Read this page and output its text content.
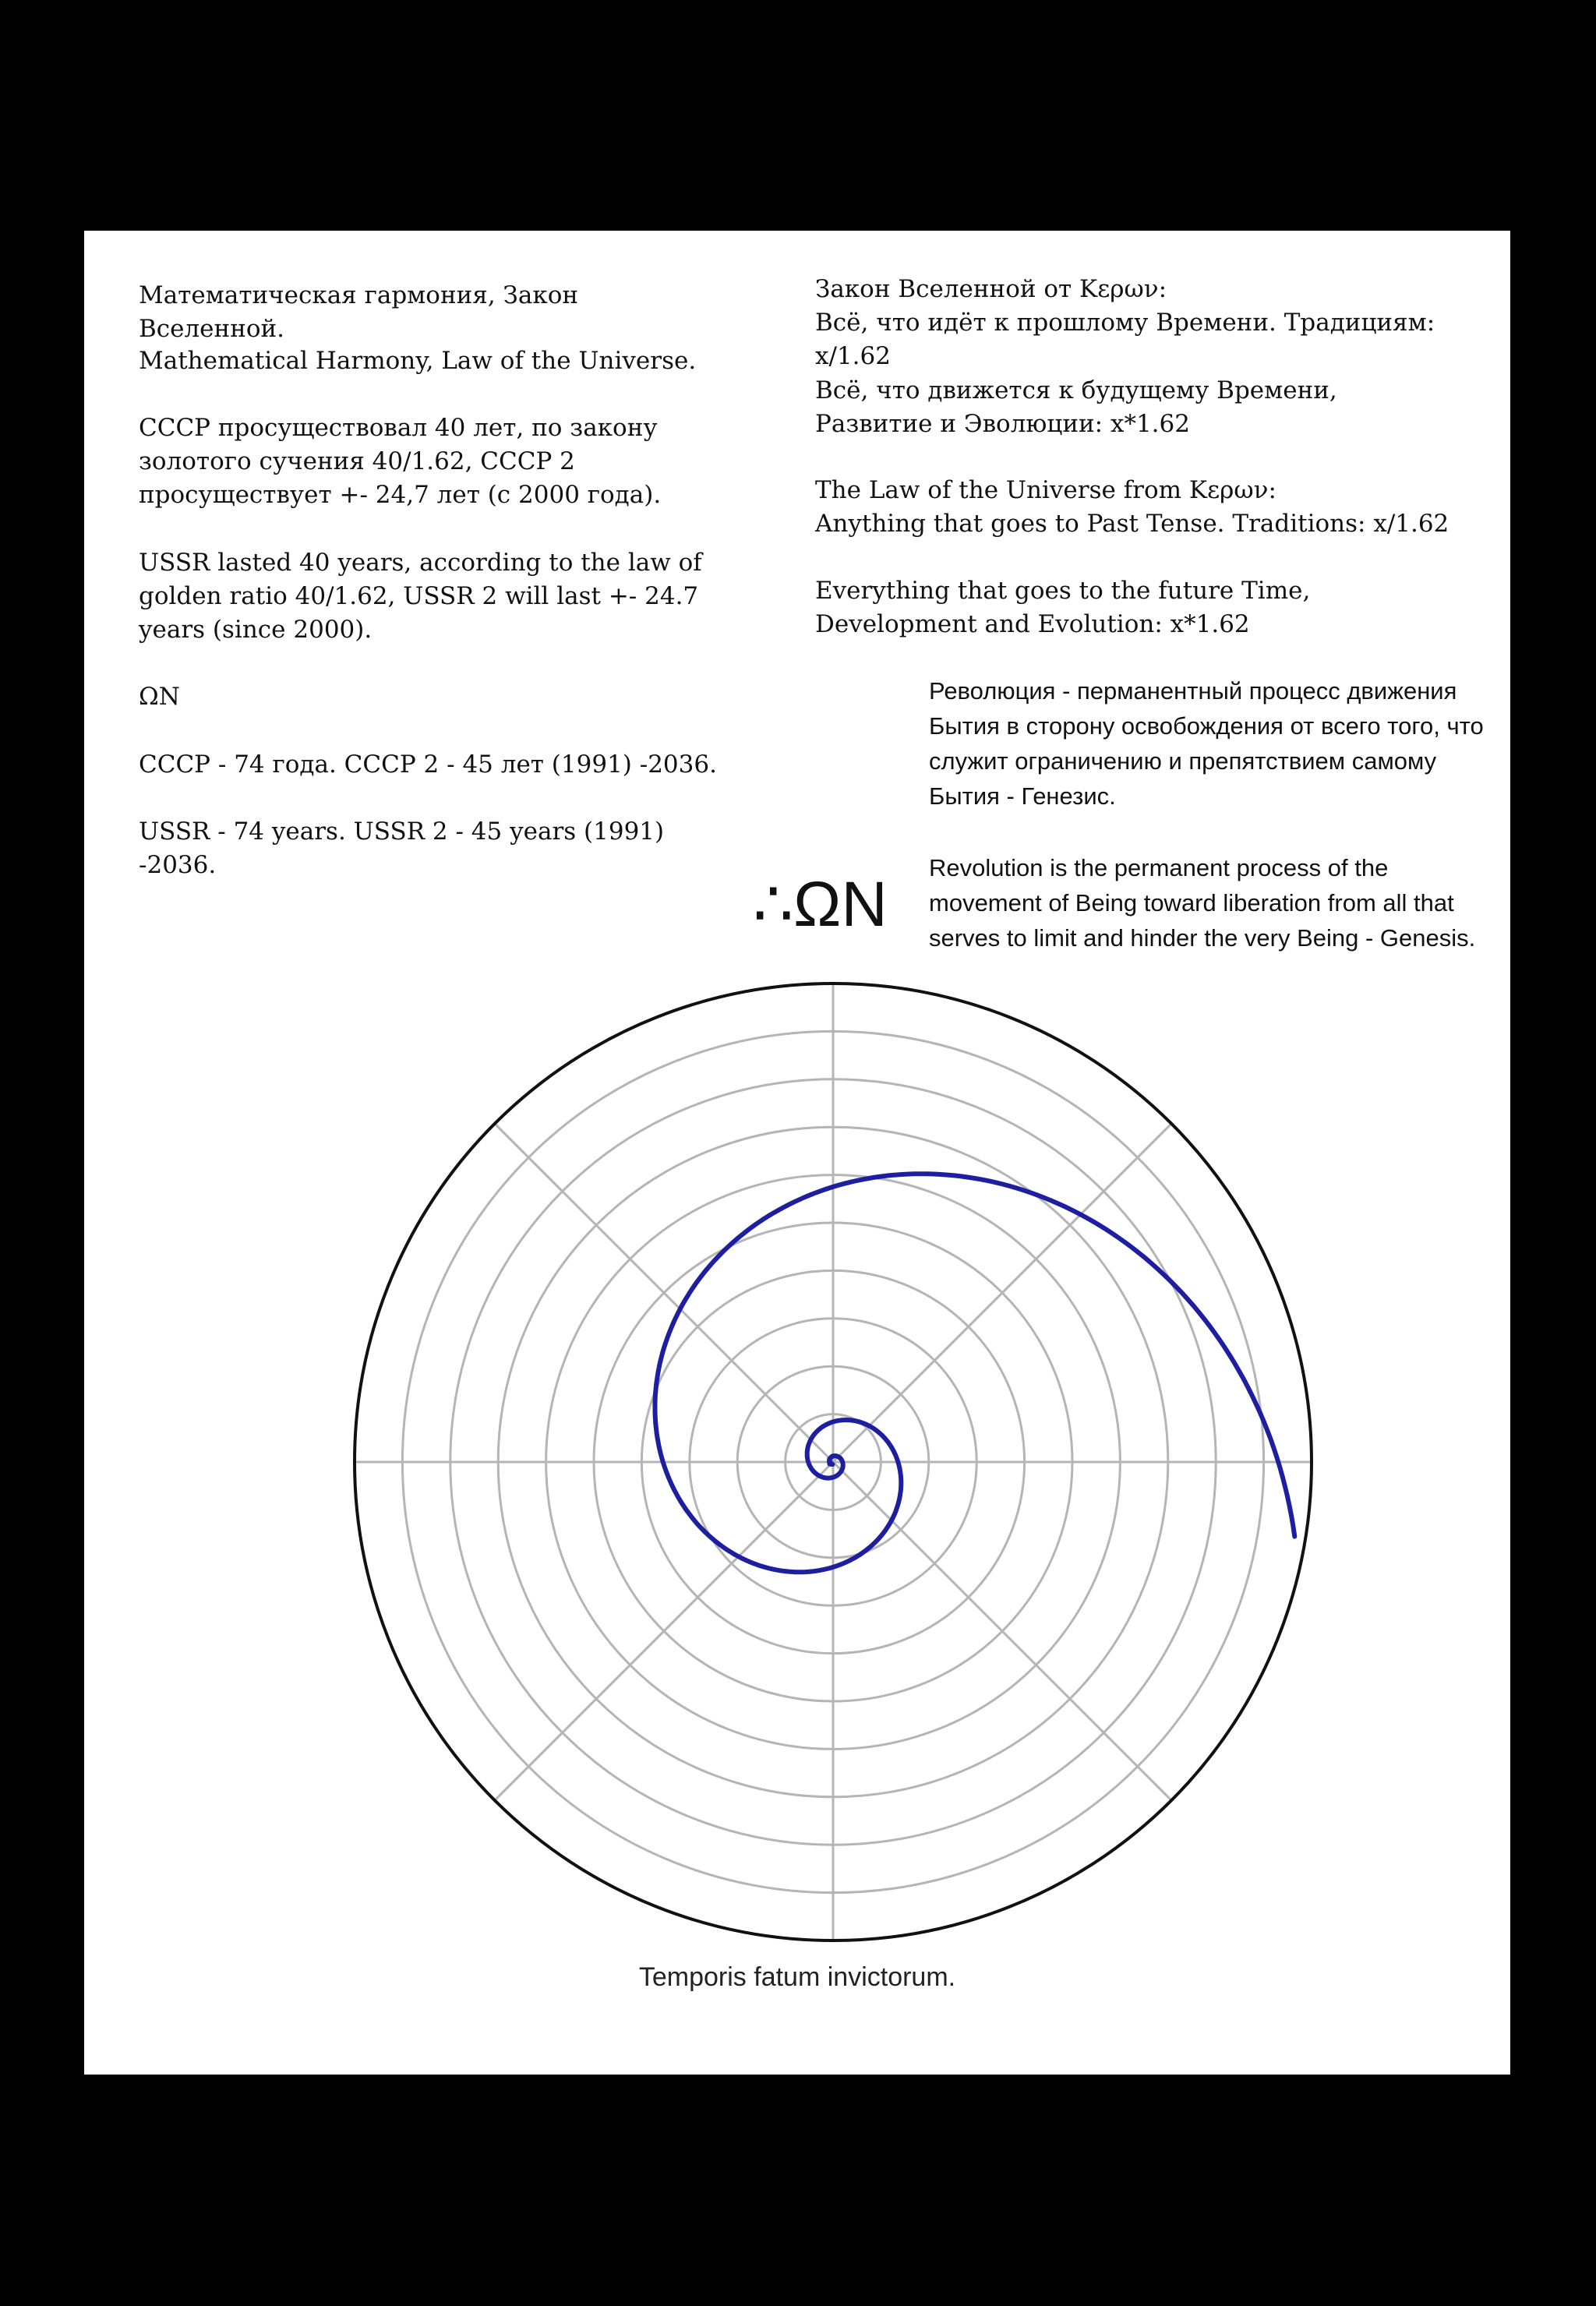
Математическая гармония, Закон Вселенной.

Mathematical Harmony, Law of the Universe.

СССР просуществовал 40 лет, по закону золотого сучения 40/1.62, СССР 2 просуществует +- 24,7 лет (с 2000 года).

USSR lasted 40 years, according to the law of golden ratio 40/1.62, USSR 2 will last +- 24.7 years (since 2000).

ΩN

СССР - 74 года. СССР 2 - 45 лет (1991) -2036.

USSR - 74 years. USSR 2 - 45 years (1991) -2036.

Закон Вселенной от Κερων:

Всё, что идёт к прошлому Времени. Традициям: x/1.62

Всё, что движется к будущему Времени, Развитие и Эволюции: x*1.62

The Law of the Universe from Κερων:

Anything that goes to Past Tense. Traditions: x/1.62

Everything that goes to the future Time, Development and Evolution: x*1.62

Революция - перманентный процесс движения Бытия в сторону освобождения от всего того, что служит ограничению и препятствием самому Бытия - Генезис.

Revolution is the permanent process of the movement of Being toward liberation from all that serves to limit and hinder the very Being - Genesis.

∴ΩN
Temporis fatum invictorum.
